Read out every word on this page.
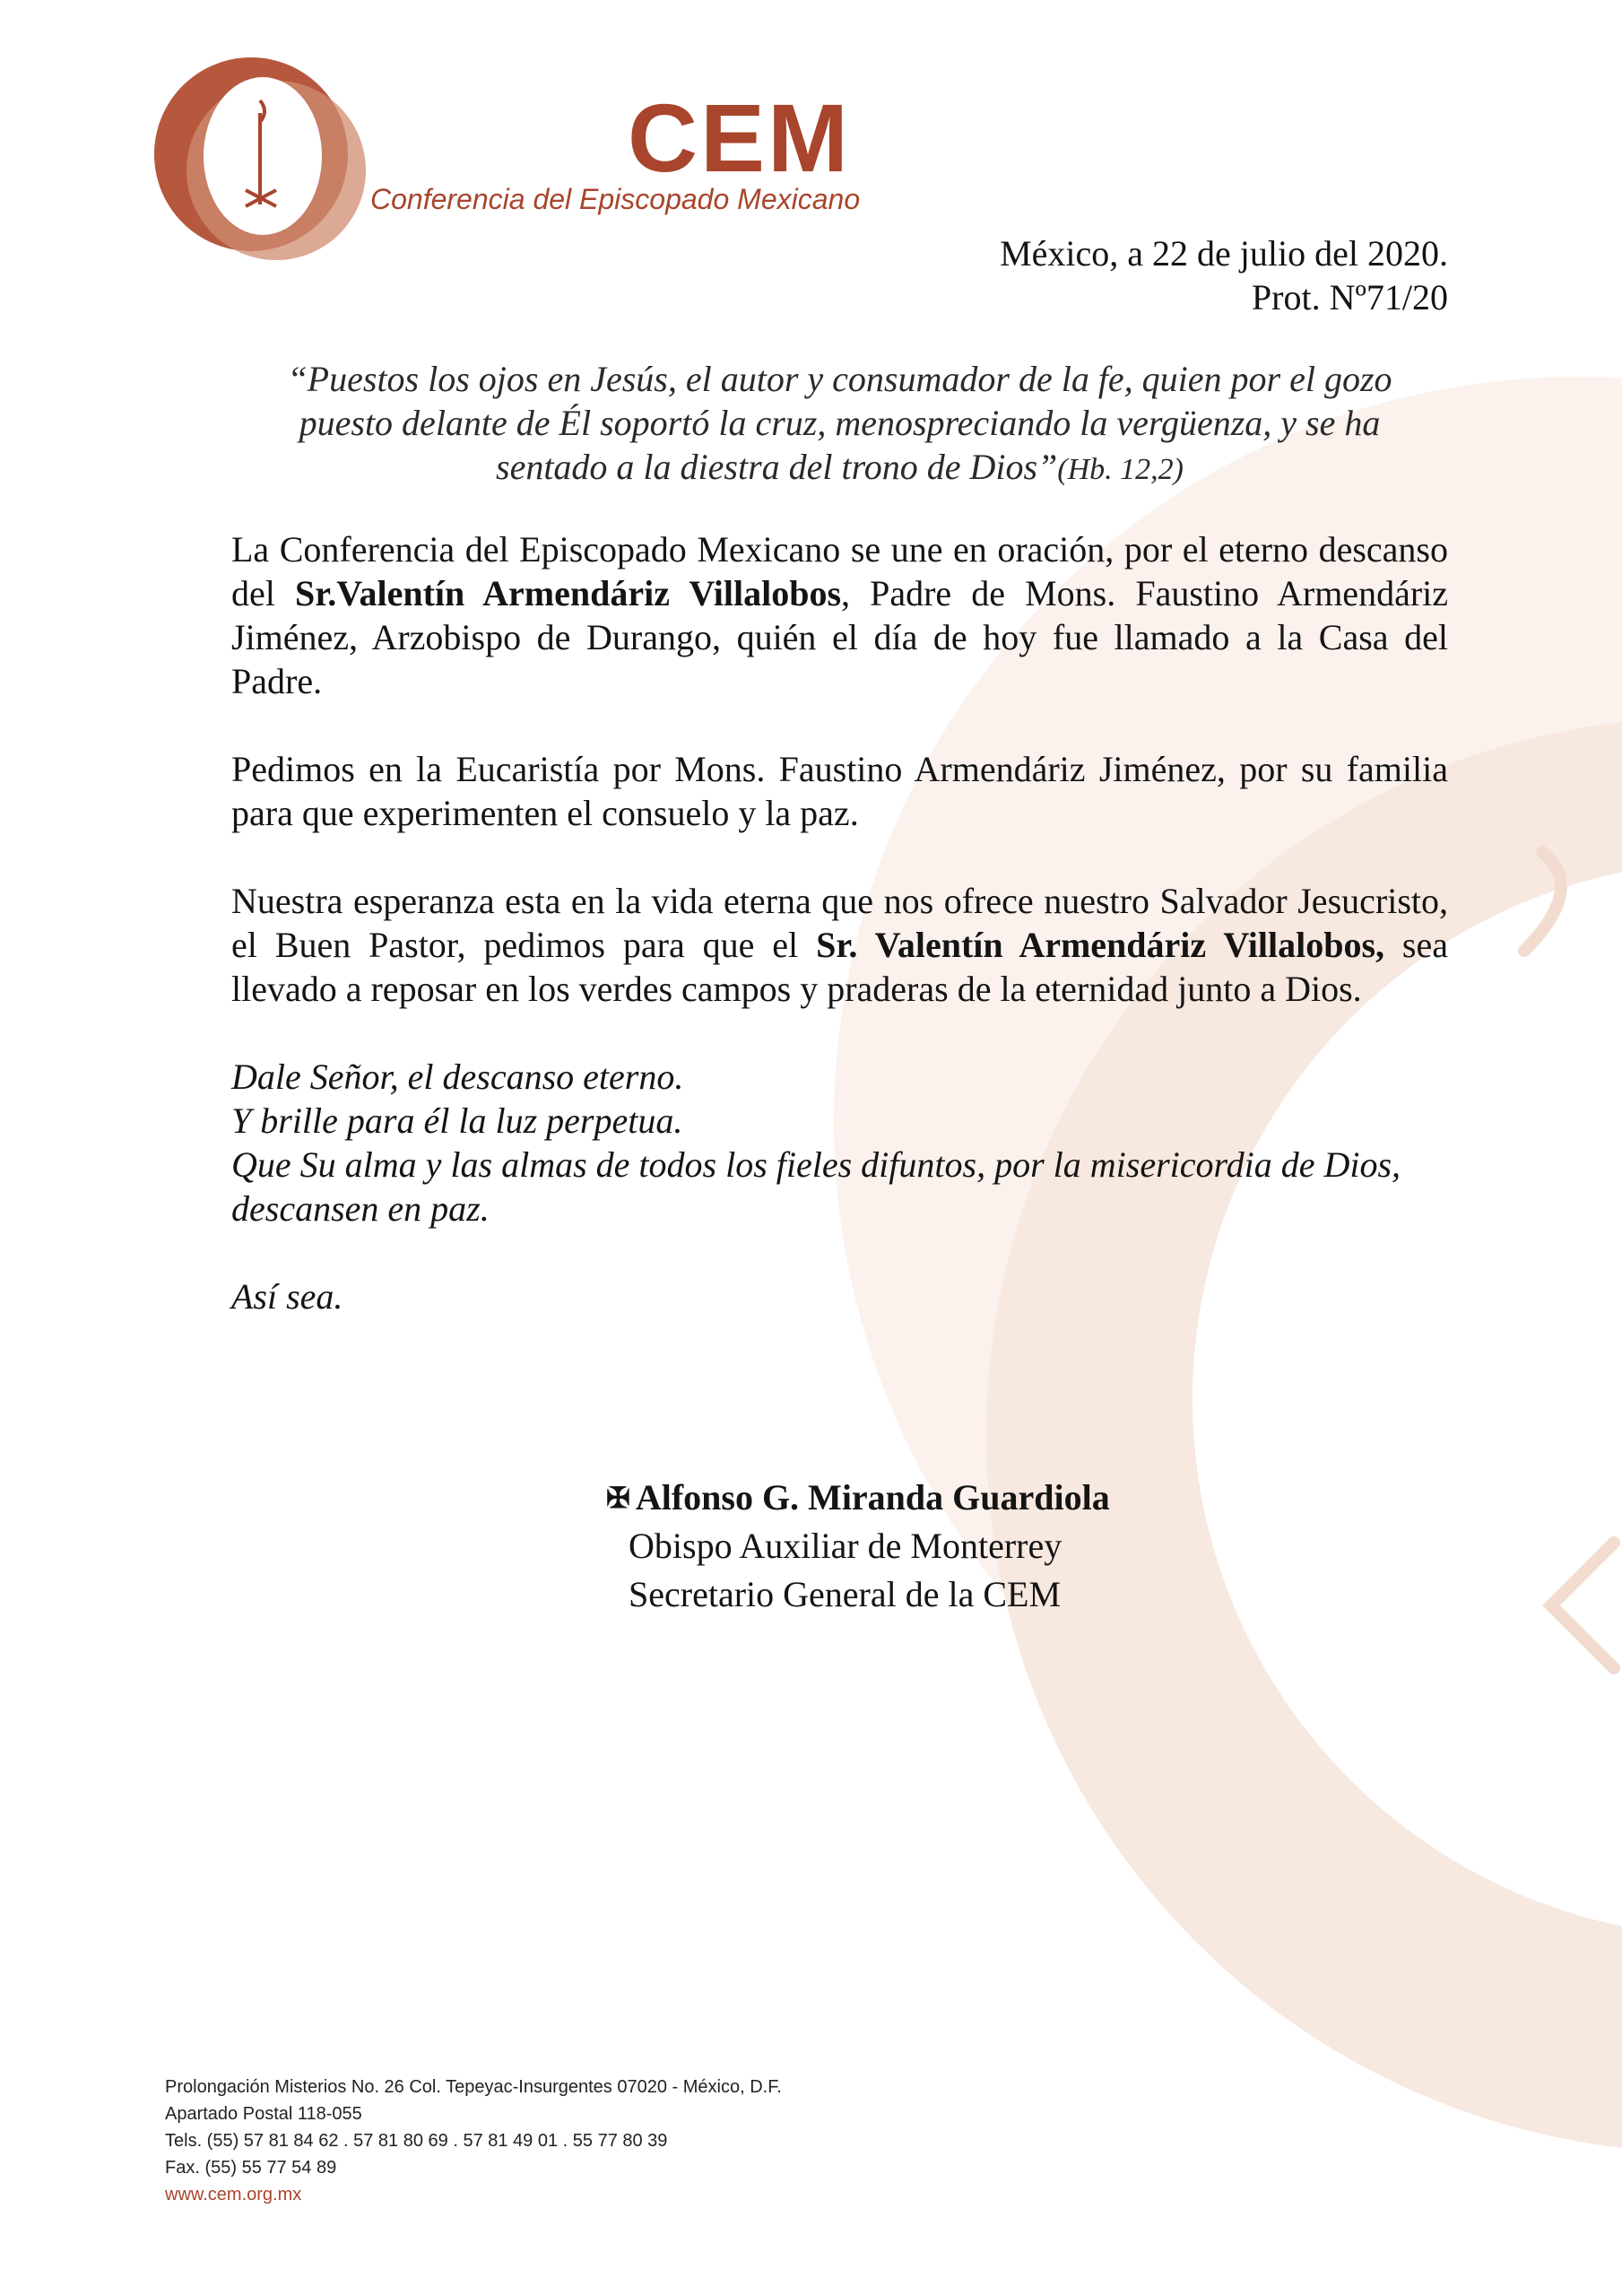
CEM
Conferencia del Episcopado Mexicano
México, a 22 de julio del 2020.
Prot. Nº71/20
“Puestos los ojos en Jesús, el autor y consumador de la fe, quien por el gozo
puesto delante de Él soportó la cruz, menospreciando la vergüenza, y se ha
sentado a la diestra del trono de Dios”(Hb. 12,2)

La Conferencia del Episcopado Mexicano se une en oración, por el eterno descanso del Sr.Valentín Armendáriz Villalobos, Padre de Mons. Faustino Armendáriz Jiménez, Arzobispo de Durango, quién el día de hoy fue llamado a la Casa del Padre.

Pedimos en la Eucaristía por Mons. Faustino Armendáriz Jiménez, por su familia para que experimenten el consuelo y la paz.

Nuestra esperanza esta en la vida eterna que nos ofrece nuestro Salvador Jesucristo, el Buen Pastor, pedimos para que el Sr. Valentín Armendáriz Villalobos, sea llevado a reposar en los verdes campos y praderas de la eternidad junto a Dios.

Dale Señor, el descanso eterno.

Y brille para él la luz perpetua.

Que Su alma y las almas de todos los fieles difuntos, por la misericordia de Dios, descansen en paz.

Así sea.
✠ Alfonso G. Miranda Guardiola
Obispo Auxiliar de Monterrey
Secretario General de la CEM
Prolongación Misterios No. 26 Col. Tepeyac-Insurgentes 07020 - México, D.F.
Apartado Postal 118-055
Tels. (55) 57 81 84 62 . 57 81 80 69 . 57 81 49 01 . 55 77 80 39
Fax. (55) 55 77 54 89
www.cem.org.mx
